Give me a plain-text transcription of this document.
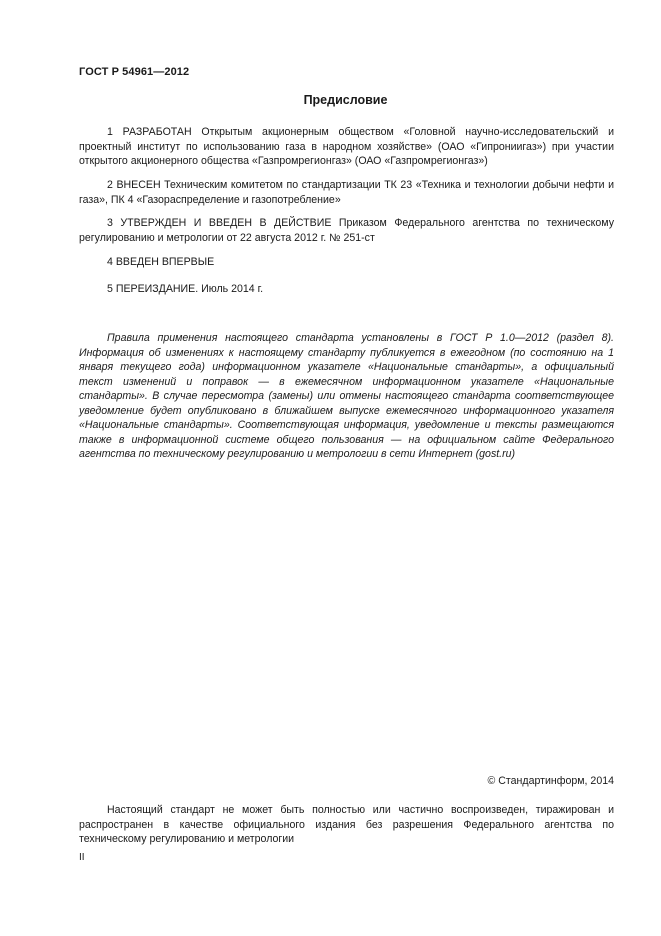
ГОСТ Р 54961—2012
Предисловие

1 РАЗРАБОТАН Открытым акционерным обществом «Головной научно-исследовательский и проектный институт по использованию газа в народном хозяйстве» (ОАО «Гипрониигаз») при участии открытого акционерного общества «Газпромрегионгаз» (ОАО «Газпромрегионгаз»)

2 ВНЕСЕН Техническим комитетом по стандартизации ТК 23 «Техника и технологии добычи нефти и газа», ПК 4 «Газораспределение и газопотребление»

3 УТВЕРЖДЕН И ВВЕДЕН В ДЕЙСТВИЕ Приказом Федерального агентства по техническому регулированию и метрологии от 22 августа 2012 г. № 251-ст

4 ВВЕДЕН ВПЕРВЫЕ

5 ПЕРЕИЗДАНИЕ. Июль 2014 г.

Правила применения настоящего стандарта установлены в ГОСТ Р 1.0—2012 (раздел 8). Информация об изменениях к настоящему стандарту публикуется в ежегодном (по состоянию на 1 января текущего года) информационном указателе «Национальные стандарты», а официальный текст изменений и поправок — в ежемесячном информационном указателе «Национальные стандарты». В случае пересмотра (замены) или отмены настоящего стандарта соответствующее уведомление будет опубликовано в ближайшем выпуске ежемесячного информационного указателя «Национальные стандарты». Соответствующая информация, уведомление и тексты размещаются также в информационной системе общего пользования — на официальном сайте Федерального агентства по техническому регулированию и метрологии в сети Интернет (gost.ru)

© Стандартинформ, 2014

Настоящий стандарт не может быть полностью или частично воспроизведен, тиражирован и распространен в качестве официального издания без разрешения Федерального агентства по техническому регулированию и метрологии

II
